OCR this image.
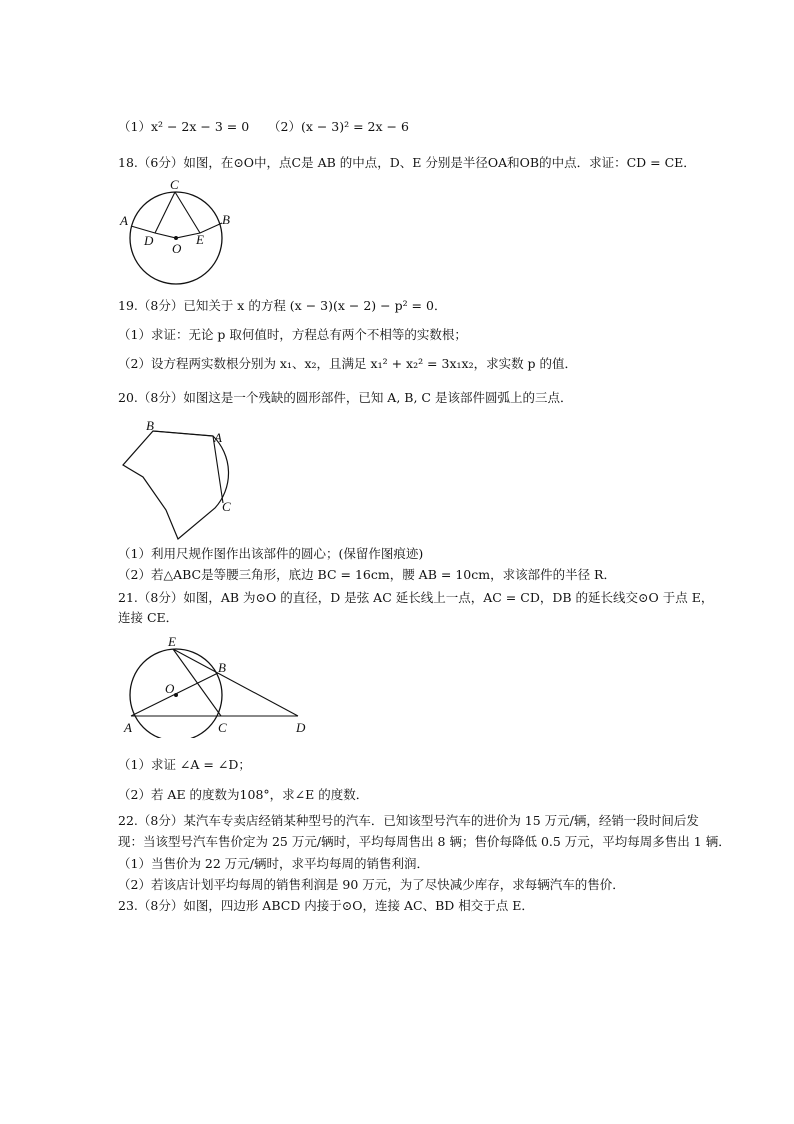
（1）x² − 2x − 3 = 0 （2）(x − 3)² = 2x − 6
18.（6分）如图，在⊙O中，点C是 AB 的中点，D、E 分别是半径OA和OB的中点．求证：CD = CE．
C
A	B
D
O
E
19.（8分）已知关于 x 的方程 (x − 3)(x − 2) − p² = 0．
（1）求证：无论 p 取何值时，方程总有两个不相等的实数根；
（2）设方程两实数根分别为 x₁、x₂，且满足 x₁² + x₂² = 3x₁x₂，求实数 p 的值．
20.（8分）如图这是一个残缺的圆形部件，已知 A, B, C 是该部件圆弧上的三点．
B
A
C
（1）利用尺规作图作出该部件的圆心；(保留作图痕迹)
（2）若△ABC是等腰三角形，底边 BC = 16cm，腰 AB = 10cm，求该部件的半径 R．
21.（8分）如图，AB 为⊙O 的直径，D 是弦 AC 延长线上一点，AC = CD，DB 的延长线交⊙O 于点 E，
连接 CE．
E
B
O
A	C	D
（1）求证 ∠A = ∠D；
（2）若 AE 的度数为108°，求∠E 的度数．
22.（8分）某汽车专卖店经销某种型号的汽车．已知该型号汽车的进价为 15 万元/辆，经销一段时间后发
现：当该型号汽车售价定为 25 万元/辆时，平均每周售出 8 辆；售价每降低 0.5 万元，平均每周多售出 1 辆．
（1）当售价为 22 万元/辆时，求平均每周的销售利润．
（2）若该店计划平均每周的销售利润是 90 万元，为了尽快减少库存，求每辆汽车的售价．
23.（8分）如图，四边形 ABCD 内接于⊙O，连接 AC、BD 相交于点 E．
